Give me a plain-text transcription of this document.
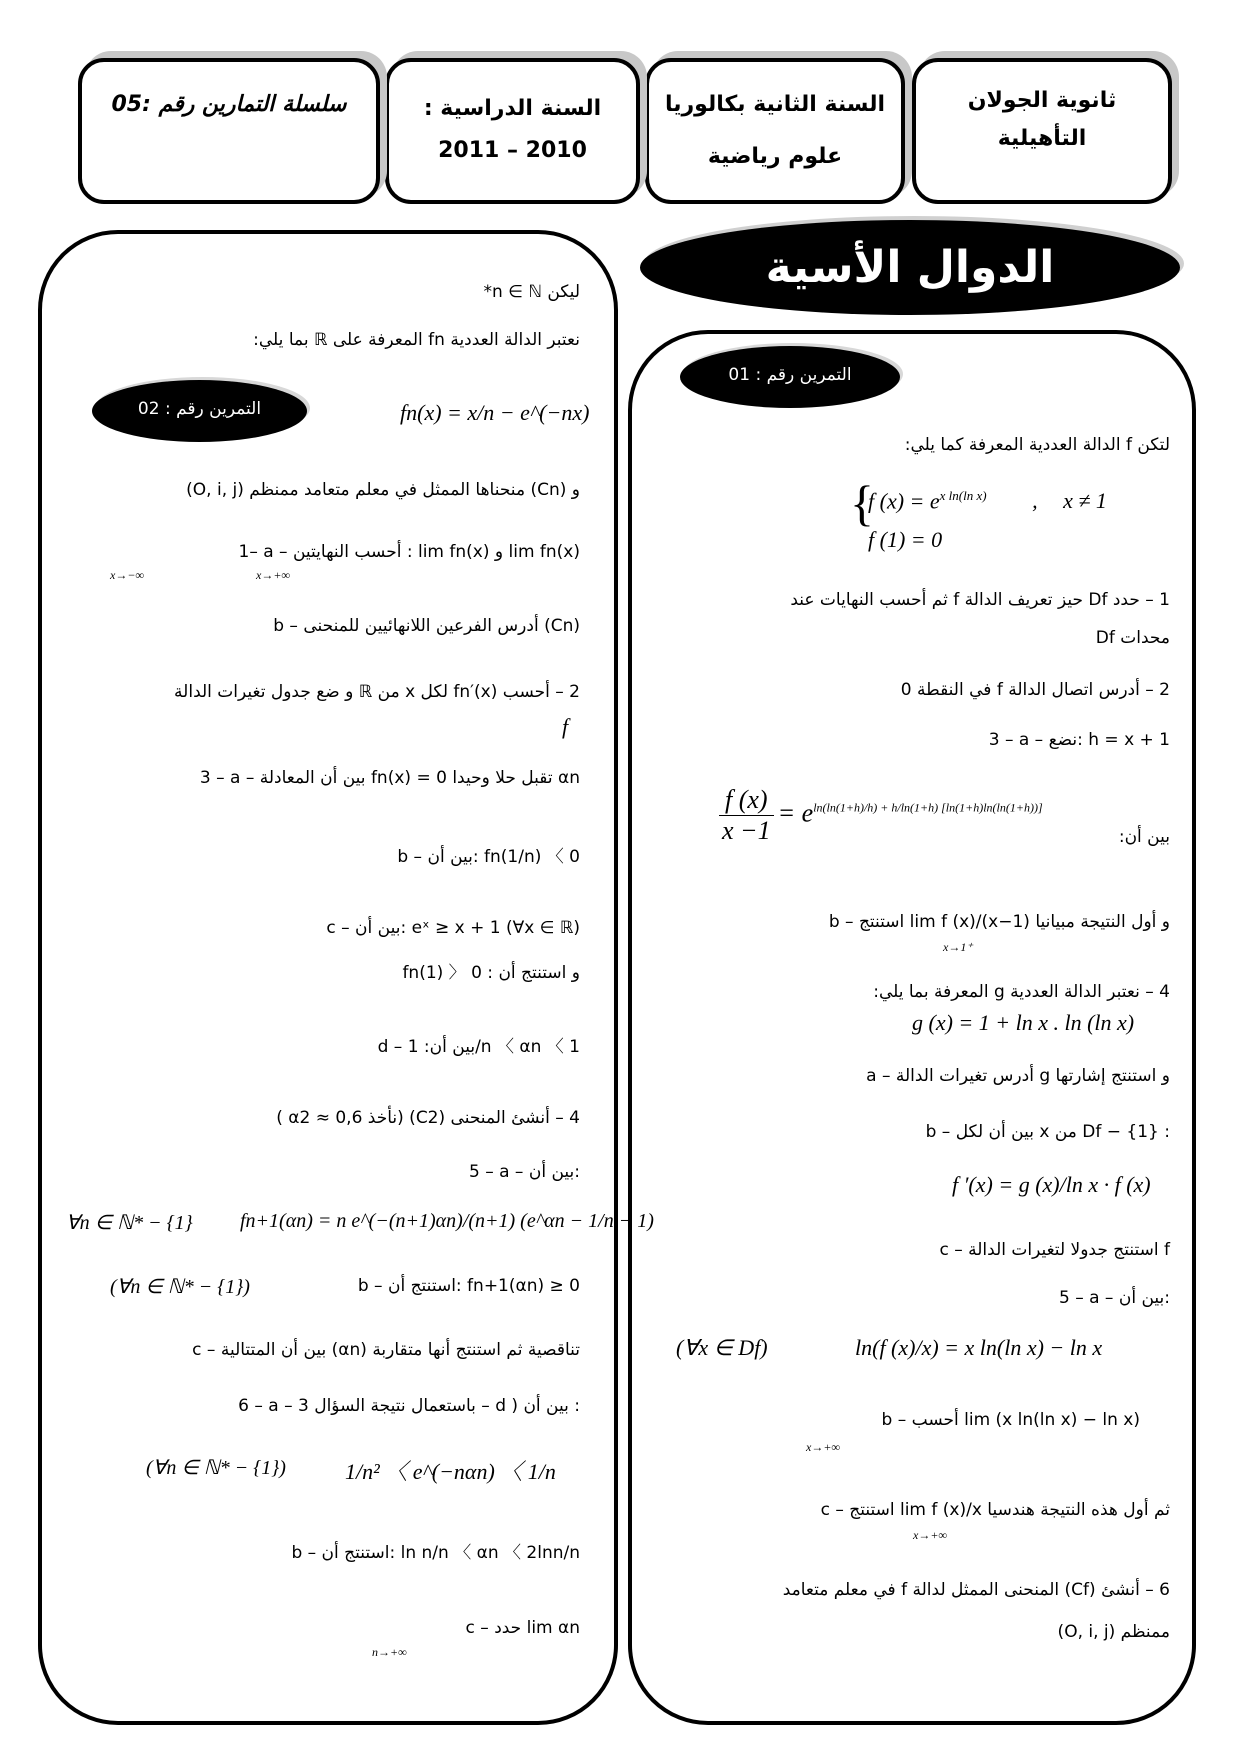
ثانوية الجولان
التأهيلية
السنة الثانية بكالوريا
علوم رياضية
السنة الدراسية :
2011 – 2010
سلسلة التمارين رقم 05:
الدوال الأسية
التمرين رقم : 01
لتكن f الدالة العددية المعرفة كما يلي:
{
f $(x) = e^{x ln(ln x)}$ , x ≠ 1
f (1) = 0
1 – حدد Df حيز تعريف الدالة f ثم أحسب النهايات عند
محدات Df
2 – أدرس اتصال الدالة f في النقطة 0
3 – a – نضع: h = x + 1
$\frac{f (x)}{x -1} = e^{ln(ln(1+h)/h) + h/ln(1+h) [ln(1+h)ln(ln(1+h))]}$
بين أن:
b – استنتج lim f (x)/(x−1) و أول النتيجة مبيانيا
x→1⁺
4 – نعتبر الدالة العددية g المعرفة بما يلي:
g (x) = 1 + ln x . ln (ln x)
a – أدرس تغيرات الدالة g و استنتج إشارتها
b – بين أن لكل x من Df − {1} :
f ′(x) = g (x)/ln x · f (x)
c – استنتج جدولا لتغيرات الدالة f
5 – a – بين أن:
ln(f (x)/x) = x ln(ln x) − ln x
(∀x ∈ Df)
b – أحسب lim (x ln(ln x) − ln x)
x→+∞
c – استنتج lim f (x)/x ثم أول هذه النتيجة هندسيا
x→+∞
6 – أنشئ (Cf) المنحنى الممثل لدالة f في معلم متعامد
ممنظم (O, i, j)
التمرين رقم : 02
ليكن n ∈ ℕ*
نعتبر الدالة العددية fn المعرفة على ℝ بما يلي:
fn(x) = x/n − e^(−nx)
و (Cn) منحناها الممثل في معلم متعامد ممنظم (O, i, j)
1– a – أحسب النهايتين : lim fn(x) و lim fn(x)
x→−∞	x→+∞
b – أدرس الفرعين اللانهائيين للمنحنى (Cn)
2 – أحسب fn′(x) لكل x من ℝ و ضع جدول تغيرات الدالة
f
3 – a – بين أن المعادلة fn(x) = 0 تقبل حلا وحيدا αn
b – بين أن: fn(1/n) 〈 0
c – بين أن: eˣ ≥ x + 1 (∀x ∈ ℝ)
و استنتج أن : fn(1) 〉 0
d – بين أن: 1/n 〈 αn 〈 1
4 – أنشئ المنحنى (C2) (نأخذ α2 ≈ 0,6 )
5 – a – بين أن:
fn+1(αn) = n e^(−(n+1)αn)/(n+1) (e^αn − 1/n − 1)
∀n ∈ ℕ* − {1}
b – استنتج أن: fn+1(αn) ≥ 0
(∀n ∈ ℕ* − {1})
c – بين أن المتتالية (αn) تناقصية ثم استنتج أنها متقاربة
6 – a – باستعمال نتيجة السؤال 3 – d ) بين أن :
1/n² 〈 e^(−nαn) 〈 1/n
(∀n ∈ ℕ* − {1})
b – استنتج أن: ln n/n 〈 αn 〈 2lnn/n
c – حدد lim αn
n→+∞
